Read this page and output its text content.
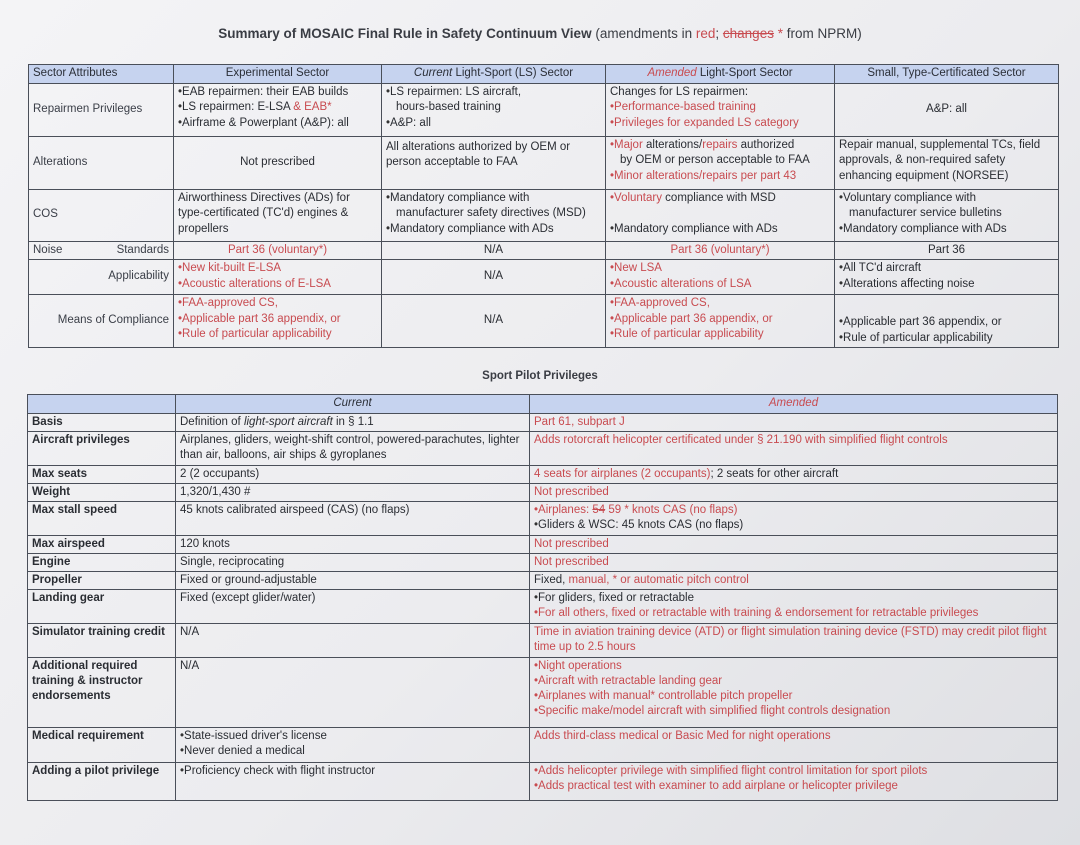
Summary of MOSAIC Final Rule in Safety Continuum View (amendments in red; changes * from NPRM)
Sector Attributes	Experimental Sector	Current Light-Sport (LS) Sector	Amended Light-Sport Sector	Small, Type-Certificated Sector
Repairmen Privileges	• EAB repairmen: their EAB builds
• LS repairmen: E-LSA & EAB*
• Airframe & Powerplant (A&P): all	• LS repairmen: LS aircraft,
hours-based training
• A&P: all	Changes for LS repairmen:
• Performance-based training
• Privileges for expanded LS category	A&P: all
Alterations	Not prescribed	All alterations authorized by OEM or person acceptable to FAA	• Major alterations/repairs authorized
by OEM or person acceptable to FAA
• Minor alterations/repairs per part 43	Repair manual, supplemental TCs, field approvals, & non-required safety enhancing equipment (NORSEE)
COS	Airworthiness Directives (ADs) for type-certificated (TC'd) engines & propellers	• Mandatory compliance with
manufacturer safety directives (MSD)
• Mandatory compliance with ADs	• Voluntary compliance with MSD

• Mandatory compliance with ADs	• Voluntary compliance with
manufacturer service bulletins
• Mandatory compliance with ADs

Noise Standards	Part 36 (voluntary*)	N/A	Part 36 (voluntary*)	Part 36
Applicability	• New kit-built E-LSA
• Acoustic alterations of E-LSA	N/A	• New LSA
• Acoustic alterations of LSA	• All TC'd aircraft
• Alterations affecting noise

Means of Compliance	• FAA-approved CS,
• Applicable part 36 appendix, or
• Rule of particular applicability	N/A	• FAA-approved CS,
• Applicable part 36 appendix, or
• Rule of particular applicability	• Applicable part 36 appendix, or
• Rule of particular applicability
Sport Pilot Privileges
	Current	Amended
Basis	Definition of light-sport aircraft in § 1.1	Part 61, subpart J
Aircraft privileges	Airplanes, gliders, weight-shift control, powered-parachutes, lighter than air, balloons, air ships & gyroplanes	Adds rotorcraft helicopter certificated under § 21.190 with simplified flight controls
Max seats	2 (2 occupants)	4 seats for airplanes (2 occupants); 2 seats for other aircraft
Weight	1,320/1,430 #	Not prescribed
Max stall speed	45 knots calibrated airspeed (CAS) (no flaps)	• Airplanes: 54 59 * knots CAS (no flaps)
• Gliders & WSC: 45 knots CAS (no flaps)

Max airspeed	120 knots	Not prescribed
Engine	Single, reciprocating	Not prescribed
Propeller	Fixed or ground-adjustable	Fixed, manual, * or automatic pitch control
Landing gear	Fixed (except glider/water)	• For gliders, fixed or retractable
• For all others, fixed or retractable with training & endorsement for retractable privileges

Simulator training credit	N/A	Time in aviation training device (ATD) or flight simulation training device (FSTD) may credit pilot flight time up to 2.5 hours
Additional required training & instructor endorsements	N/A	• Night operations
• Aircraft with retractable landing gear
• Airplanes with manual* controllable pitch propeller
• Specific make/model aircraft with simplified flight controls designation

Medical requirement	• State-issued driver's license
• Never denied a medical	Adds third-class medical or Basic Med for night operations
Adding a pilot privilege	• Proficiency check with flight instructor	• Adds helicopter privilege with simplified flight control limitation for sport pilots
• Adds practical test with examiner to add airplane or helicopter privilege
